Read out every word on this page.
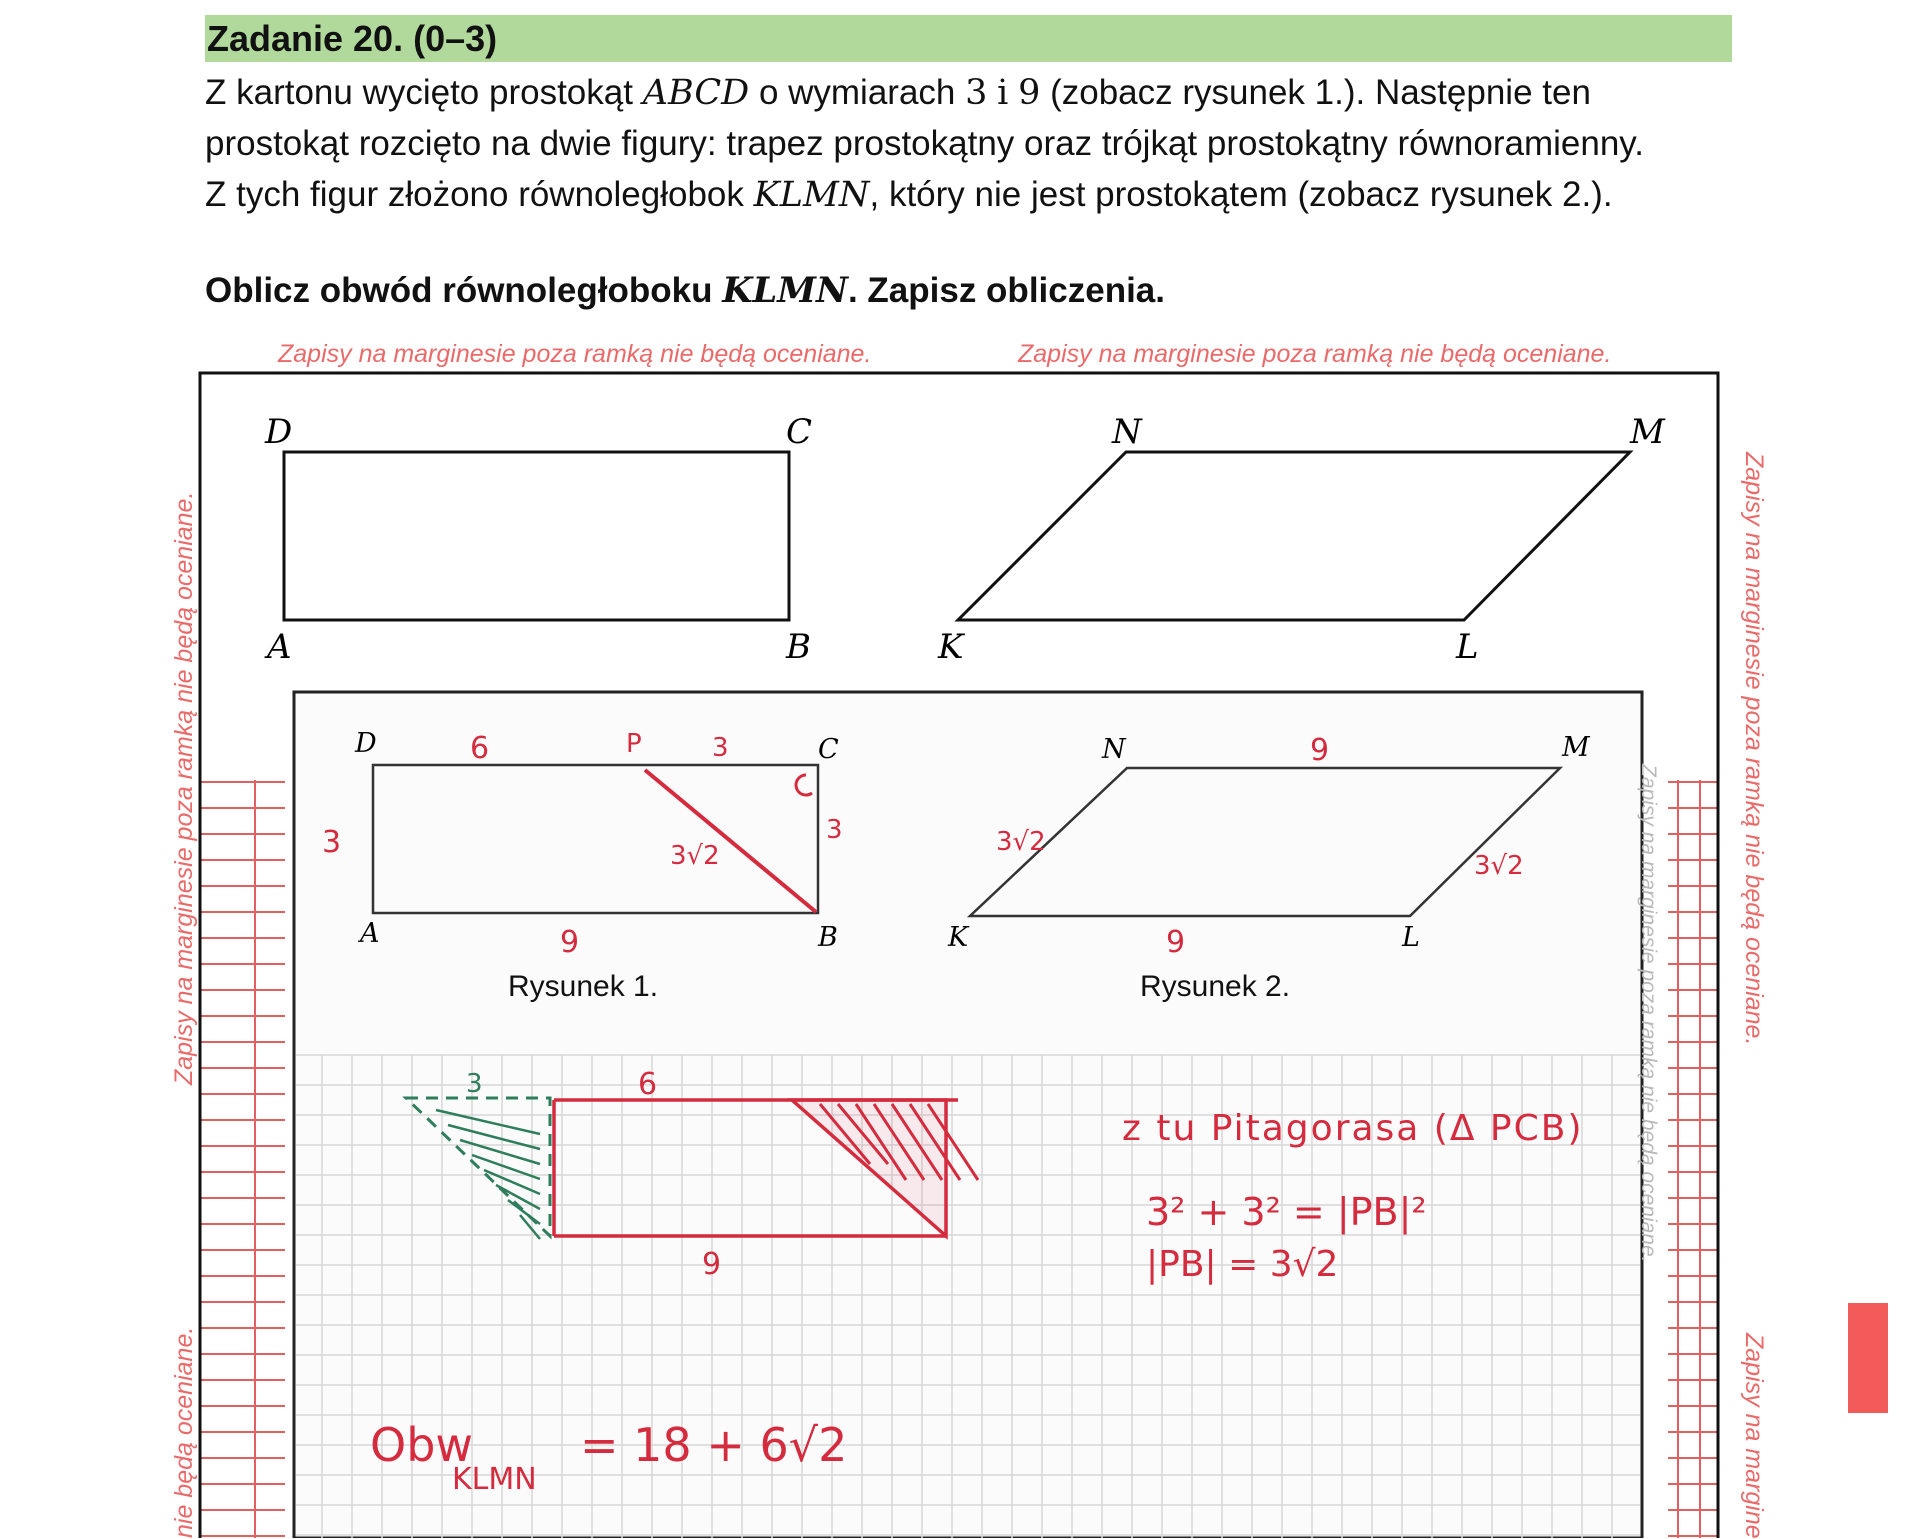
Zadanie 20. (0–3)
Z kartonu wycięto prostokąt ABCD o wymiarach 3 i 9 (zobacz rysunek 1.). Następnie ten
prostokąt rozcięto na dwie figury: trapez prostokątny oraz trójkąt prostokątny równoramienny.
Z tych figur złożono równoległobok KLMN, który nie jest prostokątem (zobacz rysunek 2.).
Oblicz obwód równoległoboku KLMN. Zapisz obliczenia.
Zapisy na marginesie poza ramką nie będą oceniane.	Zapisy na marginesie poza ramką nie będą oceniane.
Zapisy na marginesie poza ramką nie będą oceniane.
nie będą oceniane.
Zapisy na marginesie poza ramką nie będą oceniane.
Zapisy na margine
D	C
A	B
N	M
K	L
D	C
A	B
N	M
K	L
6	P	3
3	3
3√2
9
9
3√2
3√2
9
3	6
9
Rysunek 1.	Rysunek 2.	Zapisy na marginesie poza ramką nie będą oceniane.
z tu Pitagorasa (Δ PCB)
3² + 3² = |PB|²
|PB| = 3√2
Obw
KLMN
= 18 + 6√2
